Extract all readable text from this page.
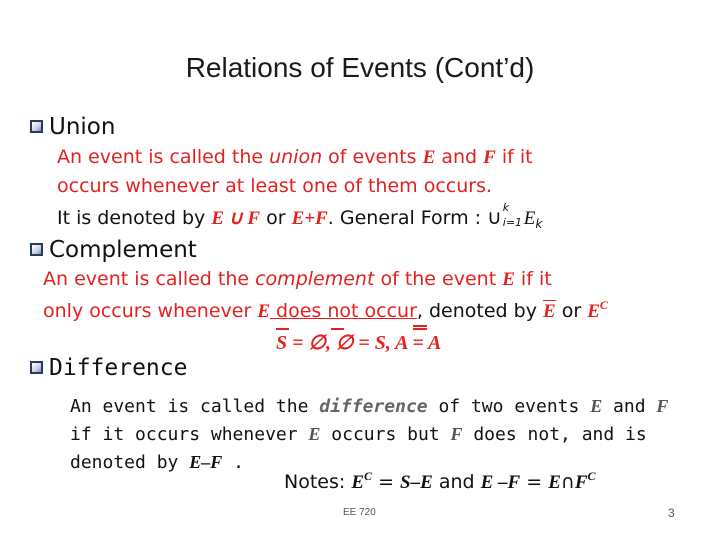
Relations of Events (Cont’d)
Union
An event is called the union of events E and F if it
occurs whenever at least one of them occurs.
It is denoted by E ∪ F or E+F. General Form : ∪ k
i=1 $E_k$
Complement
An event is called the complement of the event E if it
only occurs whenever E does not occur, denoted by $\overline{E}$ or $E^C$
S = ∅, ∅ = S, A = A
Difference
An event is called the difference of two events E and F
if it occurs whenever E occurs but F does not, and is
denoted by E–F .
Notes: $E^C = S-E$ and E $-F = E\cap F^C$
EE 720	3
